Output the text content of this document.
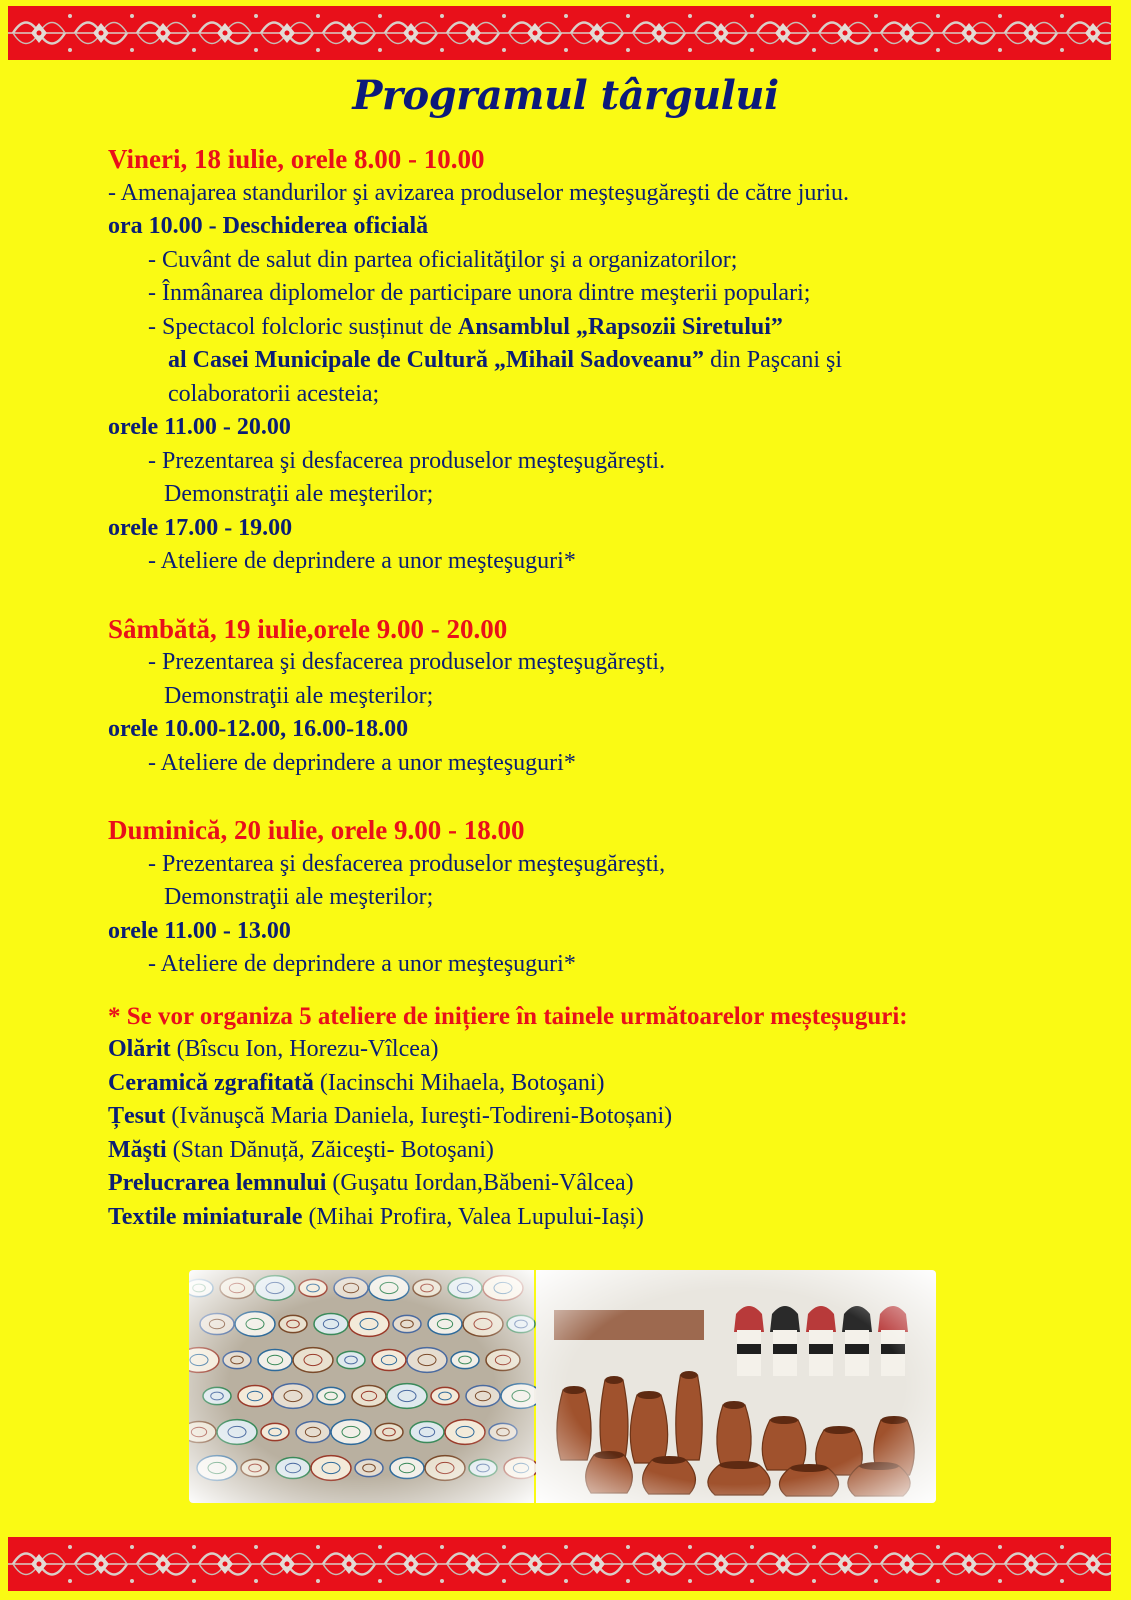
Programul târgului
Vineri, 18 iulie, orele 8.00 - 10.00
- Amenajarea standurilor şi avizarea produselor meşteşugăreşti de către juriu.
ora 10.00 - Deschiderea oficială
- Cuvânt de salut din partea oficialităţilor şi a organizatorilor;
- Înmânarea diplomelor de participare unora dintre meşterii populari;
- Spectacol folcloric susținut de Ansamblul „Rapsozii Siretului”
al Casei Municipale de Cultură „Mihail Sadoveanu” din Paşcani şi
colaboratorii acesteia;
orele 11.00 - 20.00
- Prezentarea şi desfacerea produselor meşteşugăreşti.
Demonstraţii ale meşterilor;
orele 17.00 - 19.00
- Ateliere de deprindere a unor meşteşuguri*
Sâmbătă, 19 iulie,orele 9.00 - 20.00
- Prezentarea şi desfacerea produselor meşteşugăreşti,
Demonstraţii ale meşterilor;
orele 10.00-12.00, 16.00-18.00
- Ateliere de deprindere a unor meşteşuguri*
Duminică, 20 iulie, orele 9.00 - 18.00
- Prezentarea şi desfacerea produselor meşteşugăreşti,
Demonstraţii ale meşterilor;
orele 11.00 - 13.00
- Ateliere de deprindere a unor meşteşuguri*
* Se vor organiza 5 ateliere de inițiere în tainele următoarelor meșteșuguri:
Olărit (Bîscu Ion, Horezu-Vîlcea)
Ceramică zgrafitată (Iacinschi Mihaela, Botoşani)
Țesut (Ivănuşcă Maria Daniela, Iureşti-Todireni-Botoșani)
Măşti (Stan Dănuță, Zăiceşti- Botoşani)
Prelucrarea lemnului (Guşatu Iordan,Băbeni-Vâlcea)
Textile miniaturale (Mihai Profira, Valea Lupului-Iași)
